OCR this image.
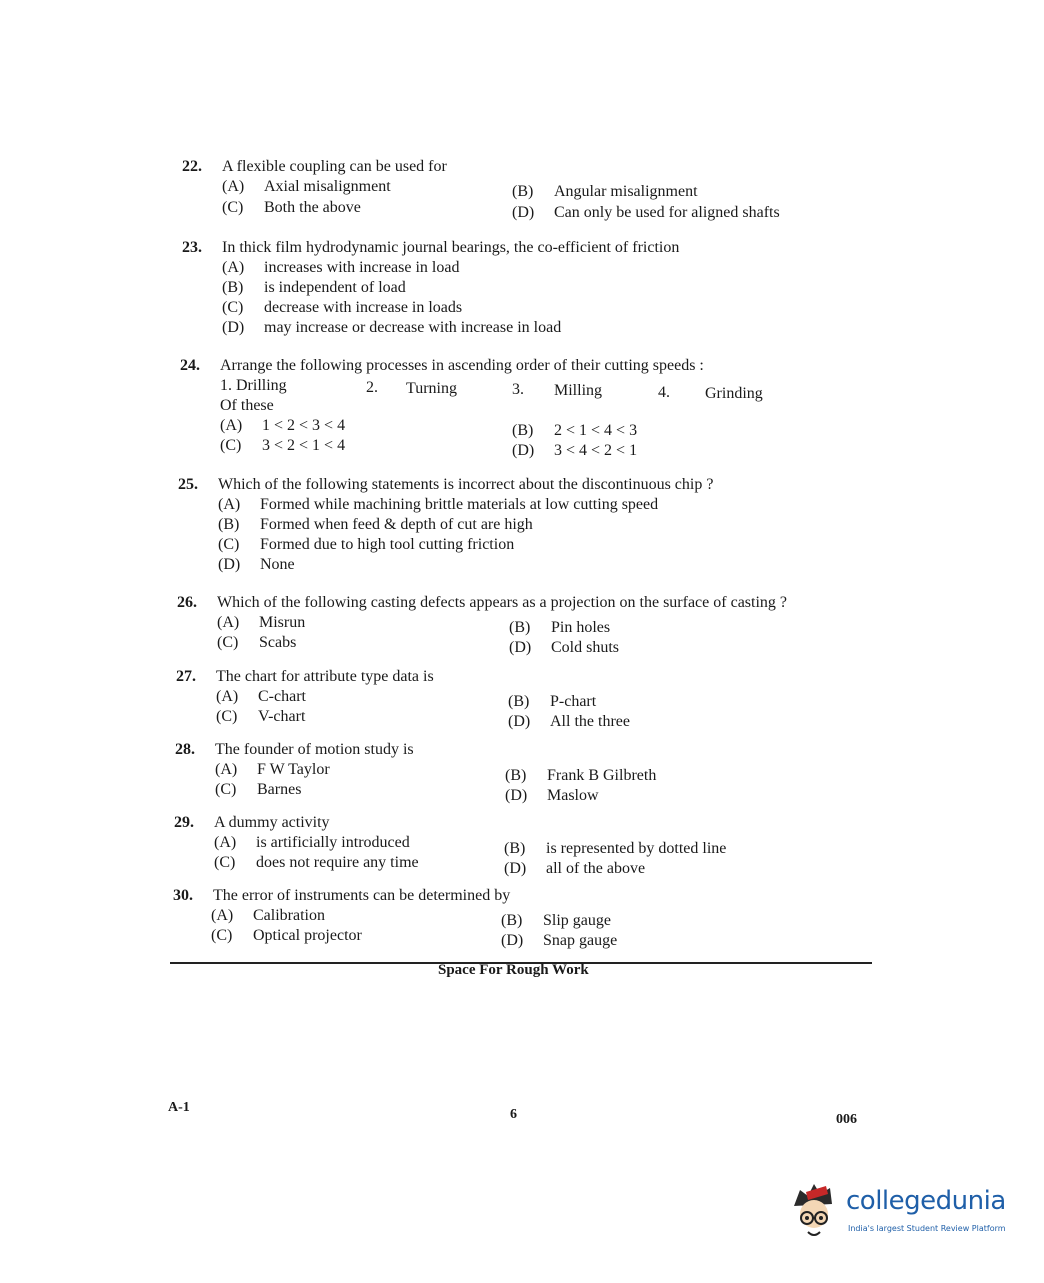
22.	A flexible coupling can be used for
(A) Axial misalignment	(B) Angular misalignment
(C) Both the above	(D) Can only be used for aligned shafts
23.	In thick film hydrodynamic journal bearings, the co-efficient of friction
(A) increases with increase in load
(B) is independent of load
(C) decrease with increase in loads
(D) may increase or decrease with increase in load
24.	Arrange the following processes in ascending order of their cutting speeds :
1. Drilling	2. Turning	3. Milling	4. Grinding
Of these
(A) 1 < 2 < 3 < 4	(B) 2 < 1 < 4 < 3
(C) 3 < 2 < 1 < 4	(D) 3 < 4 < 2 < 1
25.	Which of the following statements is incorrect about the discontinuous chip ?
(A) Formed while machining brittle materials at low cutting speed
(B) Formed when feed & depth of cut are high
(C) Formed due to high tool cutting friction
(D) None
26.	Which of the following casting defects appears as a projection on the surface of casting ?
(A) Misrun	(B) Pin holes
(C) Scabs	(D) Cold shuts
27.	The chart for attribute type data is
(A) C-chart	(B) P-chart
(C) V-chart	(D) All the three
28.	The founder of motion study is
(A) F W Taylor	(B) Frank B Gilbreth
(C) Barnes	(D) Maslow
29.	A dummy activity
(A) is artificially introduced	(B) is represented by dotted line
(C) does not require any time	(D) all of the above
30.	The error of instruments can be determined by
(A) Calibration	(B) Slip gauge
(C) Optical projector	(D) Snap gauge
Space For Rough Work
A-1	6	006
collegedunia
India's largest Student Review Platform
